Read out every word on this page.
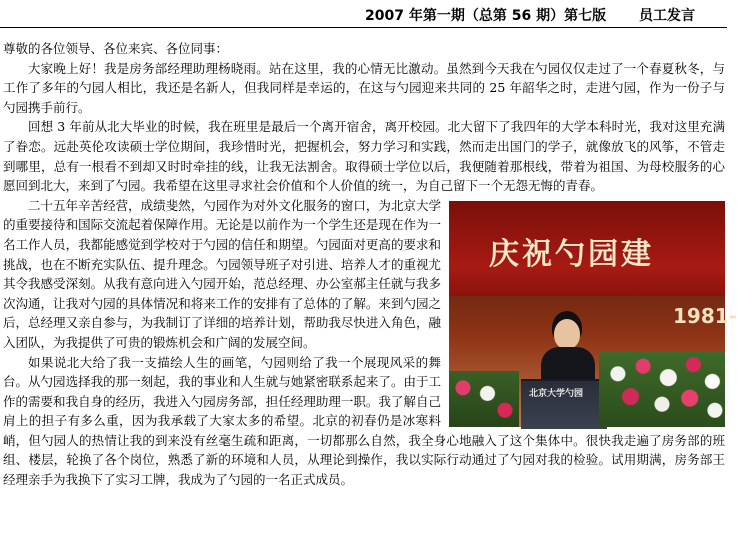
2007 年第一期（总第 56 期）第七版 员工发言

尊敬的各位领导、各位来宾、各位同事：

大家晚上好！我是房务部经理助理杨晓雨。站在这里，我的心情无比激动。虽然到今天我在勺园仅仅走过了一个春夏秋冬，与工作了多年的勺园人相比，我还是名新人，但我同样是幸运的，在这与勺园迎来共同的 25 年韶华之时，走进勺园，作为一份子与勺园携手前行。

回想 3 年前从北大毕业的时候，我在班里是最后一个离开宿舍，离开校园。北大留下了我四年的大学本科时光，我对这里充满了眷恋。远赴英伦攻读硕士学位期间，我珍惜时光，把握机会，努力学习和实践，然而走出国门的学子，就像放飞的风筝，不管走到哪里，总有一根看不到却又时时牵挂的线，让我无法割舍。取得硕士学位以后，我便随着那根线，带着为祖国、为母校服务的心愿回到北大，来到了勺园。我希望在这里寻求社会价值和个人价值的统一，为自己留下一个无怨无悔的青春。

庆祝勺园建
1981-
北京大学勺园

二十五年辛苦经营，成绩斐然，勺园作为对外文化服务的窗口，为北京大学的重要接待和国际交流起着保障作用。无论是以前作为一个学生还是现在作为一名工作人员，我都能感觉到学校对于勺园的信任和期望。勺园面对更高的要求和挑战，也在不断充实队伍、提升理念。勺园领导班子对引进、培养人才的重视尤其令我感受深刻。从我有意向进入勺园开始，范总经理、办公室郝主任就与我多次沟通，让我对勺园的具体情况和将来工作的安排有了总体的了解。来到勺园之后，总经理又亲自参与，为我制订了详细的培养计划，帮助我尽快进入角色，融入团队，为我提供了可贵的锻炼机会和广阔的发展空间。

如果说北大给了我一支描绘人生的画笔，勺园则给了我一个展现风采的舞台。从勺园选择我的那一刻起，我的事业和人生就与她紧密联系起来了。由于工作的需要和我自身的经历，我进入勺园房务部，担任经理助理一职。我了解自己肩上的担子有多么重，因为我承载了大家太多的希望。北京的初春仍是冰寒料峭，但勺园人的热情让我的到来没有丝毫生疏和距离，一切都那么自然，我全身心地融入了这个集体中。很快我走遍了房务部的班组、楼层，轮换了各个岗位，熟悉了新的环境和人员，从理论到操作，我以实际行动通过了勺园对我的检验。试用期满，房务部王经理亲手为我换下了实习工牌，我成为了勺园的一名正式成员。
